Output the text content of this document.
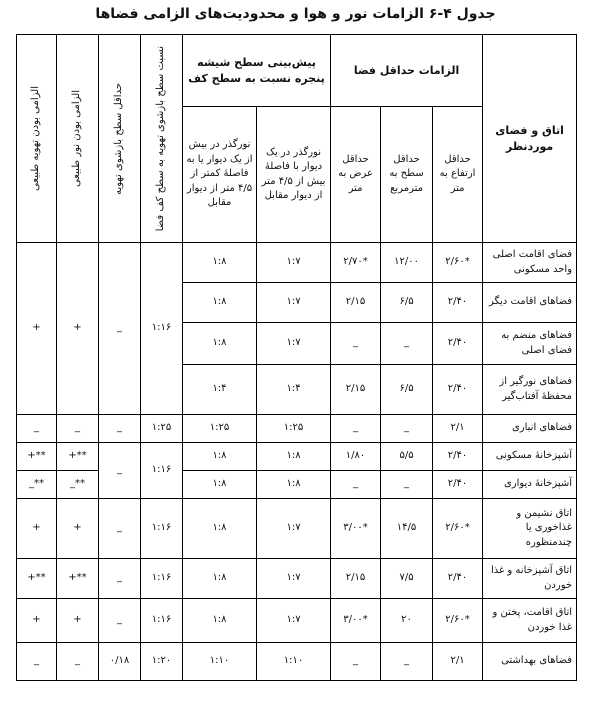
جدول ۴-۶ الزامات نور و هوا و محدودیت‌های الزامی فضاها
اتاق و فضای موردنظر	الزامات حداقل فضا			پیش‌بینی سطح شیشه پنجره نسبت به سطح کف		نسبت سطح بازشوی تهویه به سطح کف فضا	حداقل سطح بازشوی تهویه	الزامی بودن نور طبیعی	الزامی بودن تهویه طبیعی

	حداقل ارتفاع به متر	حداقل سطح به مترمربع	حداقل عرض به متر	نورگذر در یک دیوار با فاصلهٔ بیش از ۴/۵ متر از دیوار مقابل	نورگذر در بیش از یک دیوار یا به فاصلهٔ کمتر از ۴/۵ متر از دیوار مقابل				
فضای اقامت اصلی واحد مسکونی	*۲/۶۰	۱۲/۰۰	*۲/۷۰	۱:۷	۱:۸	۱:۱۶	_	+	+
فضاهای اقامت دیگر	۲/۴۰	۶/۵	۲/۱۵	۱:۷	۱:۸				
فضاهای منضم به فضای اصلی	۲/۴۰	_	_	۱:۷	۱:۸				
فضاهای نورگیر از محفظهٔ آفتاب‌گیر	۲/۴۰	۶/۵	۲/۱۵	۱:۴	۱:۴				
فضاهای انباری	۲/۱	_	_	۱:۲۵	۱:۲۵	۱:۲۵	_	_	_
آشپزخانهٔ مسکونی	۲/۴۰	۵/۵	۱/۸۰	۱:۸	۱:۸	۱:۱۶	_	**+	**+
آشپزخانهٔ دیواری	۲/۴۰	_	_	۱:۸	۱:۸			**_	**_
اتاق نشیمن و غذاخوری یا چندمنظوره	*۲/۶۰	۱۴/۵	*۳/۰۰	۱:۷	۱:۸	۱:۱۶	_	+	+
اتاق آشپزخانه و غذا خوردن	۲/۴۰	۷/۵	۲/۱۵	۱:۷	۱:۸	۱:۱۶	_	**+	**+
اتاق اقامت، پختن و غذا خوردن	*۲/۶۰	۲۰	*۳/۰۰	۱:۷	۱:۸	۱:۱۶	_	+	+
فضاهای بهداشتی	۲/۱	_	_	۱:۱۰	۱:۱۰	۱:۲۰	۰/۱۸	_	_
